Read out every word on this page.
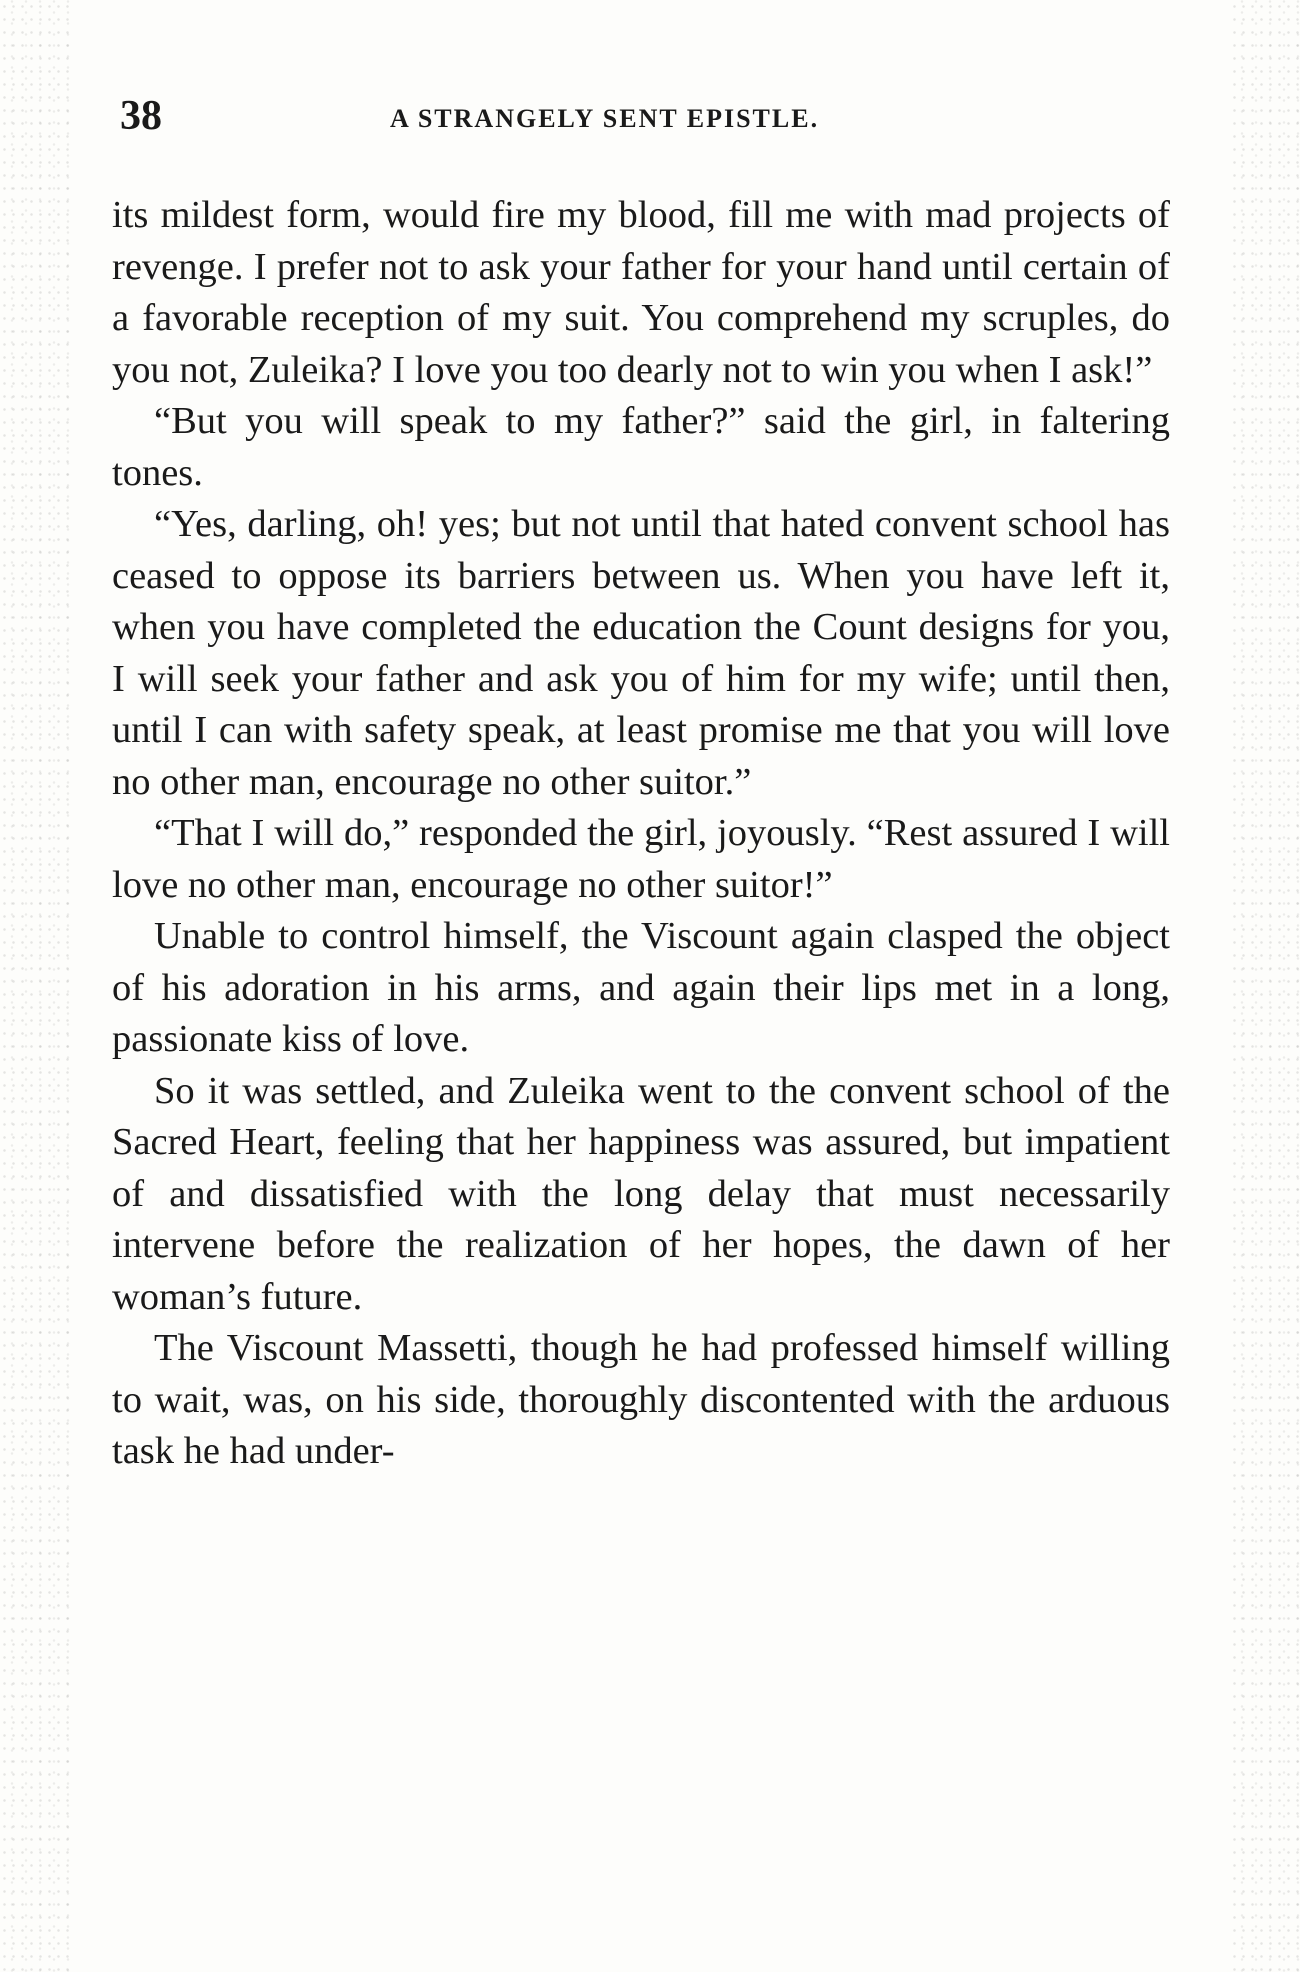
38	A STRANGELY SENT EPISTLE.

its mildest form, would fire my blood, fill me with mad projects of revenge. I prefer not to ask your father for your hand until certain of a favorable reception of my suit. You comprehend my scruples, do you not, Zuleika? I love you too dearly not to win you when I ask!”

“But you will speak to my father?” said the girl, in faltering tones.

“Yes, darling, oh! yes; but not until that hated convent school has ceased to oppose its barriers between us. When you have left it, when you have completed the education the Count designs for you, I will seek your father and ask you of him for my wife; until then, until I can with safety speak, at least promise me that you will love no other man, encourage no other suitor.”

“That I will do,” responded the girl, joyously. “Rest assured I will love no other man, encourage no other suitor!”

Unable to control himself, the Viscount again clasped the object of his adoration in his arms, and again their lips met in a long, passionate kiss of love.

So it was settled, and Zuleika went to the convent school of the Sacred Heart, feeling that her happiness was assured, but impatient of and dissatisfied with the long delay that must necessarily intervene before the realization of her hopes, the dawn of her woman’s future.

The Viscount Massetti, though he had professed himself willing to wait, was, on his side, thoroughly discontented with the arduous task he had under-
